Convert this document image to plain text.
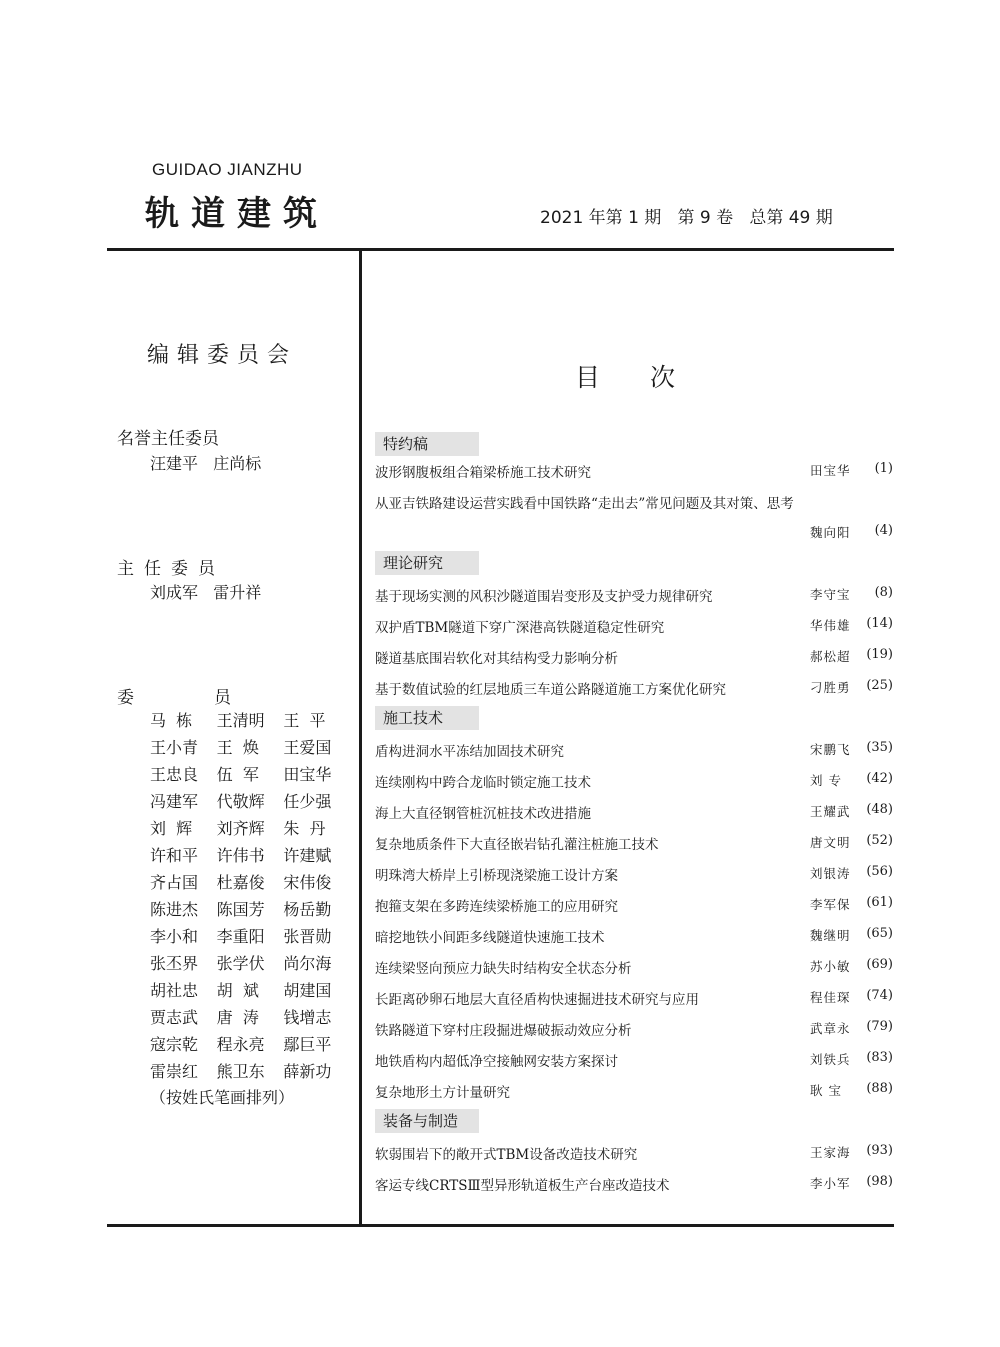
GUIDAO JIANZHU
轨道建筑	2021 年第 1 期   第 9 卷   总第 49 期
编辑委员会
名誉主任委员
汪建平   庄尚标
主任委员
刘成军   雷升祥
委	员
马  栋	王清明	王  平
王小青	王  焕	王爱国
王忠良	伍  军	田宝华
冯建军	代敬辉	任少强
刘  辉	刘齐辉	朱  丹
许和平	许伟书	许建赋
齐占国	杜嘉俊	宋伟俊
陈进杰	陈国芳	杨岳勤
李小和	李重阳	张晋勋
张丕界	张学伏	尚尔海
胡社忠	胡  斌	胡建国
贾志武	唐  涛	钱增志
寇宗乾	程永亮	鄢巨平
雷崇红	熊卫东	薛新功
（按姓氏笔画排列）
目　　次
特约稿
理论研究
施工技术
装备与制造
波形钢腹板组合箱梁桥施工技术研究	田宝华	(1)
从亚吉铁路建设运营实践看中国铁路“走出去”常见问题及其对策、思考
魏向阳	(4)
基于现场实测的风积沙隧道围岩变形及支护受力规律研究	李守宝	(8)
双护盾TBM隧道下穿广深港高铁隧道稳定性研究	华伟雄	(14)
隧道基底围岩软化对其结构受力影响分析	郝松超	(19)
基于数值试验的红层地质三车道公路隧道施工方案优化研究	刁胜勇	(25)
盾构进洞水平冻结加固技术研究	宋鹏飞	(35)
连续刚构中跨合龙临时锁定施工技术	刘 专	(42)
海上大直径钢管桩沉桩技术改进措施	王耀武	(48)
复杂地质条件下大直径嵌岩钻孔灌注桩施工技术	唐文明	(52)
明珠湾大桥岸上引桥现浇梁施工设计方案	刘银涛	(56)
抱箍支架在多跨连续梁桥施工的应用研究	李军保	(61)
暗挖地铁小间距多线隧道快速施工技术	魏继明	(65)
连续梁竖向预应力缺失时结构安全状态分析	苏小敏	(69)
长距离砂卵石地层大直径盾构快速掘进技术研究与应用	程佳琛	(74)
铁路隧道下穿村庄段掘进爆破振动效应分析	武章永	(79)
地铁盾构内超低净空接触网安装方案探讨	刘铁兵	(83)
复杂地形土方计量研究	耿 宝	(88)
软弱围岩下的敞开式TBM设备改造技术研究	王家海	(93)
客运专线CRTSⅢ型异形轨道板生产台座改造技术	李小军	(98)
